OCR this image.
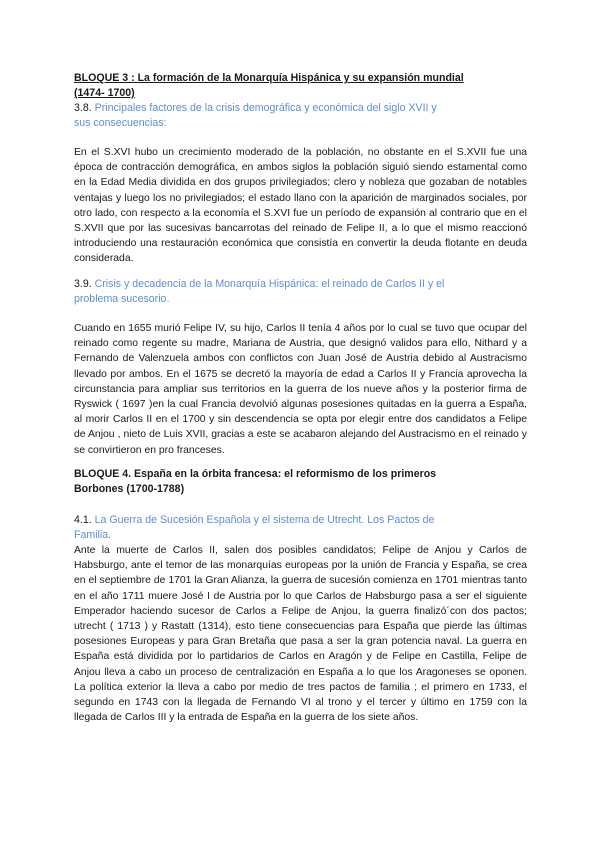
BLOQUE 3 : La formación de la Monarquía Hispánica y su expansión mundial

(1474- 1700)

3.8. Principales factores de la crisis demográfica y económica del siglo XVII y

sus consecuencias:

En el S.XVI hubo un crecimiento moderado de la población, no obstante en el S.XVII fue una época de contracción demográfica, en ambos siglos la población siguió siendo estamental como en la Edad Media dividida en dos grupos privilegiados; clero y nobleza que gozaban de notables ventajas y luego los no privilegiados; el estado llano con la aparición de marginados sociales, por otro lado, con respecto a la economía el S.XVI fue un período de expansión al contrario que en el S.XVII que por las sucesivas bancarrotas del reinado de Felipe II, a lo que el mismo reaccionó introduciendo una restauración económica que consistía en convertir la deuda flotante en deuda considerada.

3.9. Crisis y decadencia de la Monarquía Hispánica: el reinado de Carlos II y el

problema sucesorio.

Cuando en 1655 murió Felipe IV, su hijo, Carlos II tenía 4 años por lo cual se tuvo que ocupar del reinado como regente su madre, Mariana de Austria, que designó validos para ello, Nithard y a Fernando de Valenzuela ambos con conflictos con Juan José de Austria debido al Austracismo llevado por ambos. En el 1675 se decretó la mayoría de edad a Carlos II y Francia aprovecha la circunstancia para ampliar sus territorios en la guerra de los nueve años y la posterior firma de Ryswick ( 1697 )en la cual Francia devolvió algunas posesiones quitadas en la guerra a España, al morir Carlos II en el 1700 y sin descendencia se opta por elegir entre dos candidatos a Felipe de Anjou , nieto de Luis XVII, gracias a este se acabaron alejando del Austracismo en el reinado y se convirtieron en pro franceses.

BLOQUE 4. España en la órbita francesa: el reformismo de los primeros

Borbones (1700-1788)

4.1. La Guerra de Sucesión Española y el sistema de Utrecht. Los Pactos de

Familia.

Ante la muerte de Carlos II, salen dos posibles candidatos; Felipe de Anjou y Carlos de Habsburgo, ante el temor de las monarquías europeas por la unión de Francia y España, se crea en el septiembre de 1701 la Gran Alianza, la guerra de sucesión comienza en 1701 mientras tanto en el año 1711 muere José I de Austria por lo que Carlos de Habsburgo pasa a ser el siguiente Emperador haciendo sucesor de Carlos a Felipe de Anjou, la guerra finalizó´con dos pactos; utrecht ( 1713 ) y Rastatt (1314), esto tiene consecuencias para España que pierde las últimas posesiones Europeas y para Gran Bretaña que pasa a ser la gran potencia naval. La guerra en España está dividida por lo partidarios de Carlos en Aragón y de Felipe en Castilla, Felipe de Anjou lleva a cabo un proceso de centralización en España a lo que los Aragoneses se oponen. La política exterior la lleva a cabo por medio de tres pactos de familia ; el primero en 1733, el segundo en 1743 con la llegada de Fernando VI al trono y el tercer y último en 1759 con la llegada de Carlos III y la entrada de España en la guerra de los siete años.
